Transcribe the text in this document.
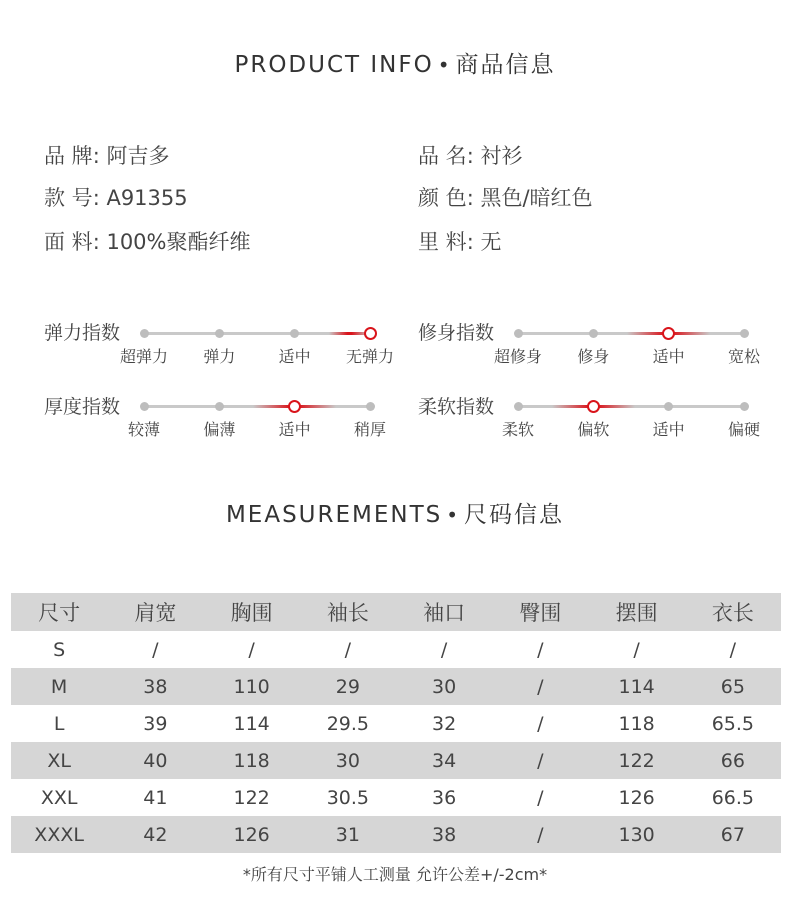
PRODUCT INFO • 商品信息
品 牌: 阿吉多
款 号: A91355
面 料: 100%聚酯纤维
品 名: 衬衫
颜 色: 黑色/暗红色
里 料: 无
弹力指数
超弹力 弹力	适中 无弹力
修身指数
超修身 修身	适中	宽松
厚度指数
较薄	偏薄	适中	稍厚
柔软指数
柔软	偏软	适中	偏硬
MEASUREMENTS • 尺码信息
尺寸	肩宽	胸围	袖长	袖口	臀围	摆围	衣长
S	/	/	/	/	/	/	/
M	38	110	29	30	/	114	65
L	39	114	29.5	32	/	118	65.5
XL	40	118	30	34	/	122	66
XXL	41	122	30.5	36	/	126	66.5
XXXL	42	126	31	38	/	130	67
*所有尺寸平铺人工测量 允许公差+/-2cm*
